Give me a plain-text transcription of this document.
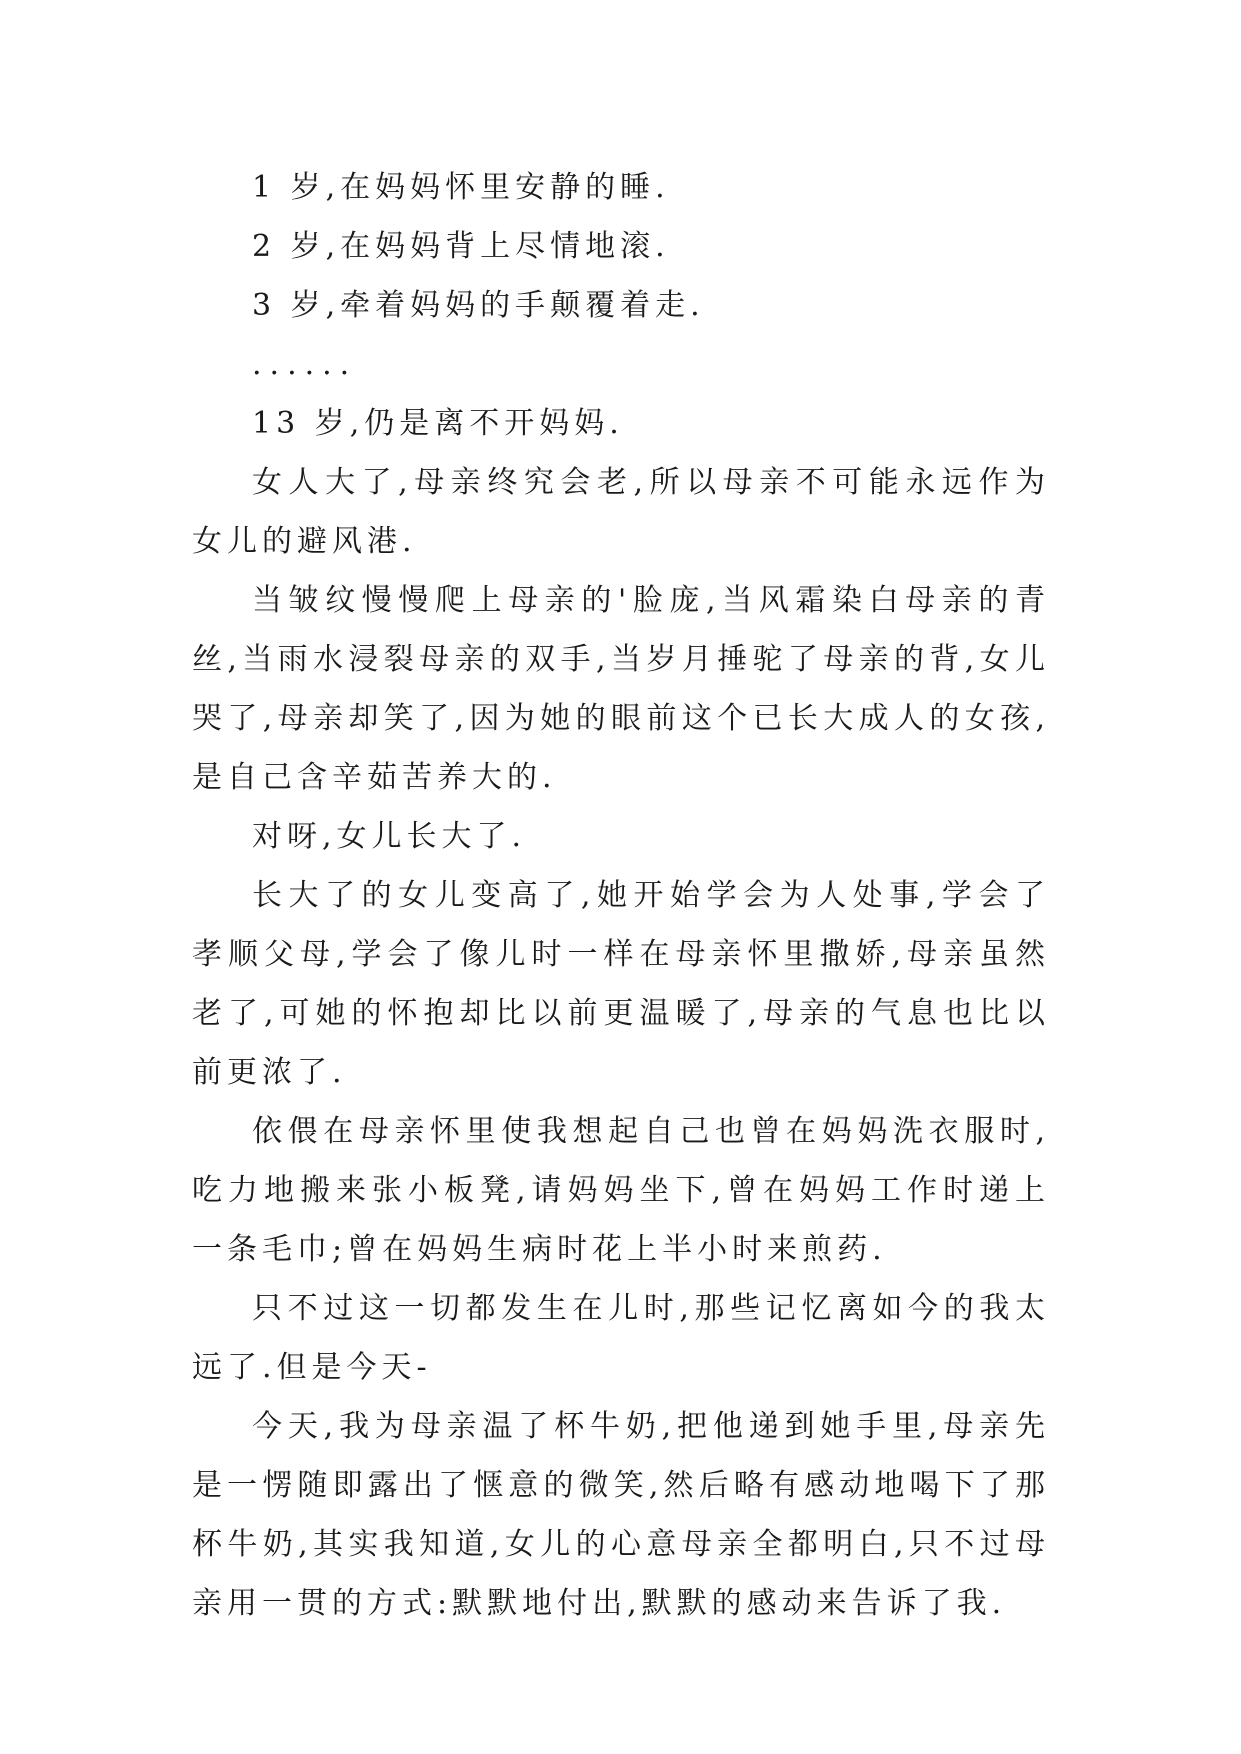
1 岁,在妈妈怀里安静的睡.

2 岁,在妈妈背上尽情地滚.

3 岁,牵着妈妈的手颠覆着走.

......

13 岁,仍是离不开妈妈.

女人大了,母亲终究会老,所以母亲不可能永远作为女儿的避风港.

当皱纹慢慢爬上母亲的'脸庞,当风霜染白母亲的青丝,当雨水浸裂母亲的双手,当岁月捶驼了母亲的背,女儿哭了,母亲却笑了,因为她的眼前这个已长大成人的女孩,是自己含辛茹苦养大的.

对呀,女儿长大了.

长大了的女儿变高了,她开始学会为人处事,学会了孝顺父母,学会了像儿时一样在母亲怀里撒娇,母亲虽然老了,可她的怀抱却比以前更温暖了,母亲的气息也比以前更浓了.

依偎在母亲怀里使我想起自己也曾在妈妈洗衣服时,吃力地搬来张小板凳,请妈妈坐下,曾在妈妈工作时递上一条毛巾;曾在妈妈生病时花上半小时来煎药.

只不过这一切都发生在儿时,那些记忆离如今的我太远了.但是今天-

今天,我为母亲温了杯牛奶,把他递到她手里,母亲先是一愣随即露出了惬意的微笑,然后略有感动地喝下了那杯牛奶,其实我知道,女儿的心意母亲全都明白,只不过母亲用一贯的方式:默默地付出,默默的感动来告诉了我.
